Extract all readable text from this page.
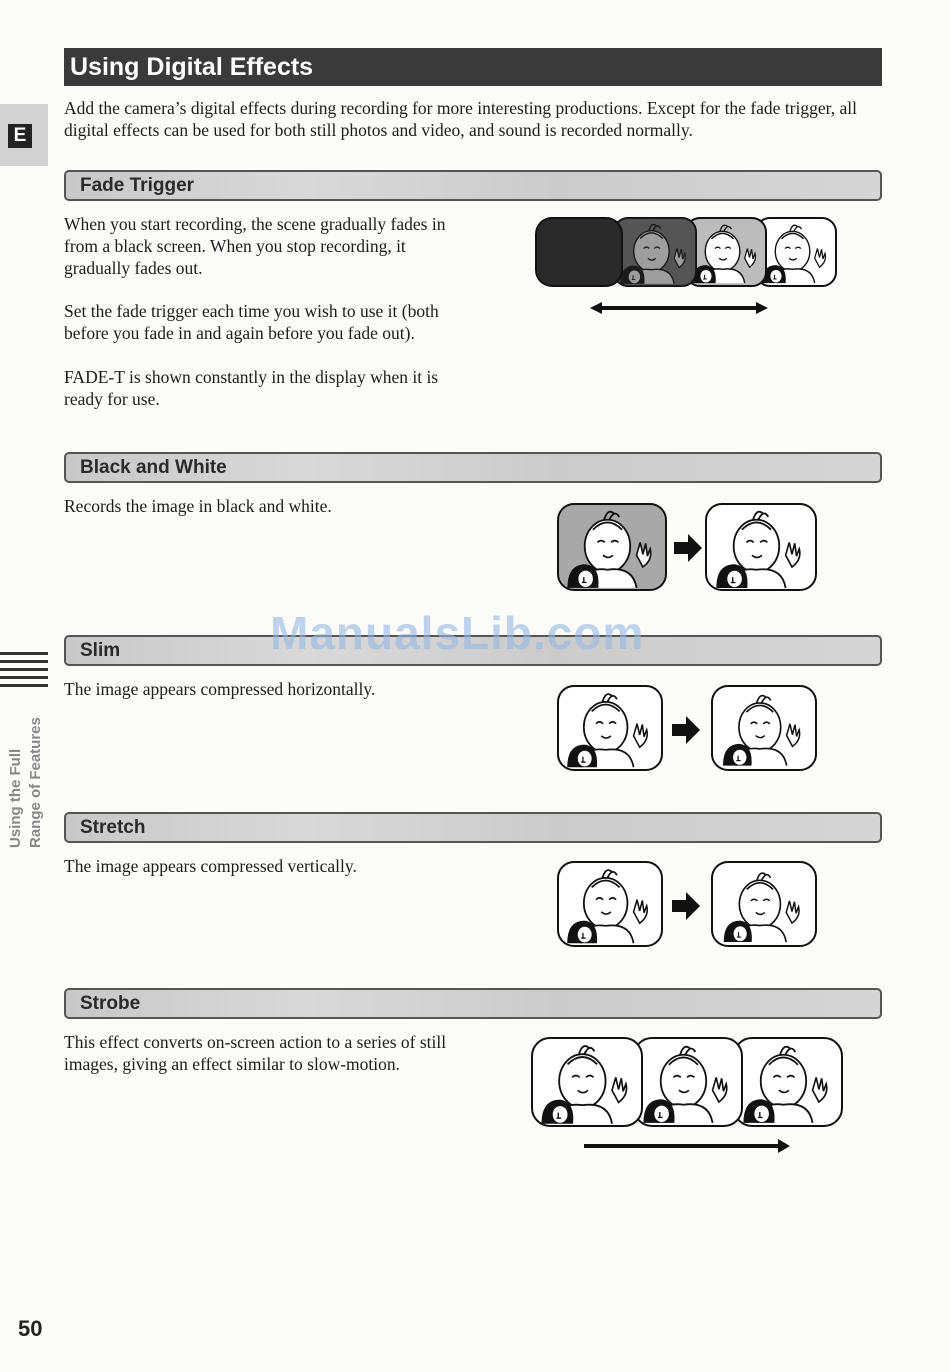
Using Digital Effects
E

Add the camera’s digital effects during recording for more interesting productions. Except for the fade trigger, all digital effects can be used for both still photos and video, and sound is recorded normally.

Fade Trigger

When you start recording, the scene gradually fades in from a black screen. When you stop recording, it gradually fades out.

Set the fade trigger each time you wish to use it (both before you fade in and again before you fade out).

FADE-T is shown constantly in the display when it is ready for use.

Black and White

Records the image in black and white.

Slim

The image appears compressed horizontally.

Stretch

The image appears compressed vertically.

Strobe

This effect converts on-screen action to a series of still images, giving an effect similar to slow-motion.

ManualsLib.com
Using the Full Range of Features
50
